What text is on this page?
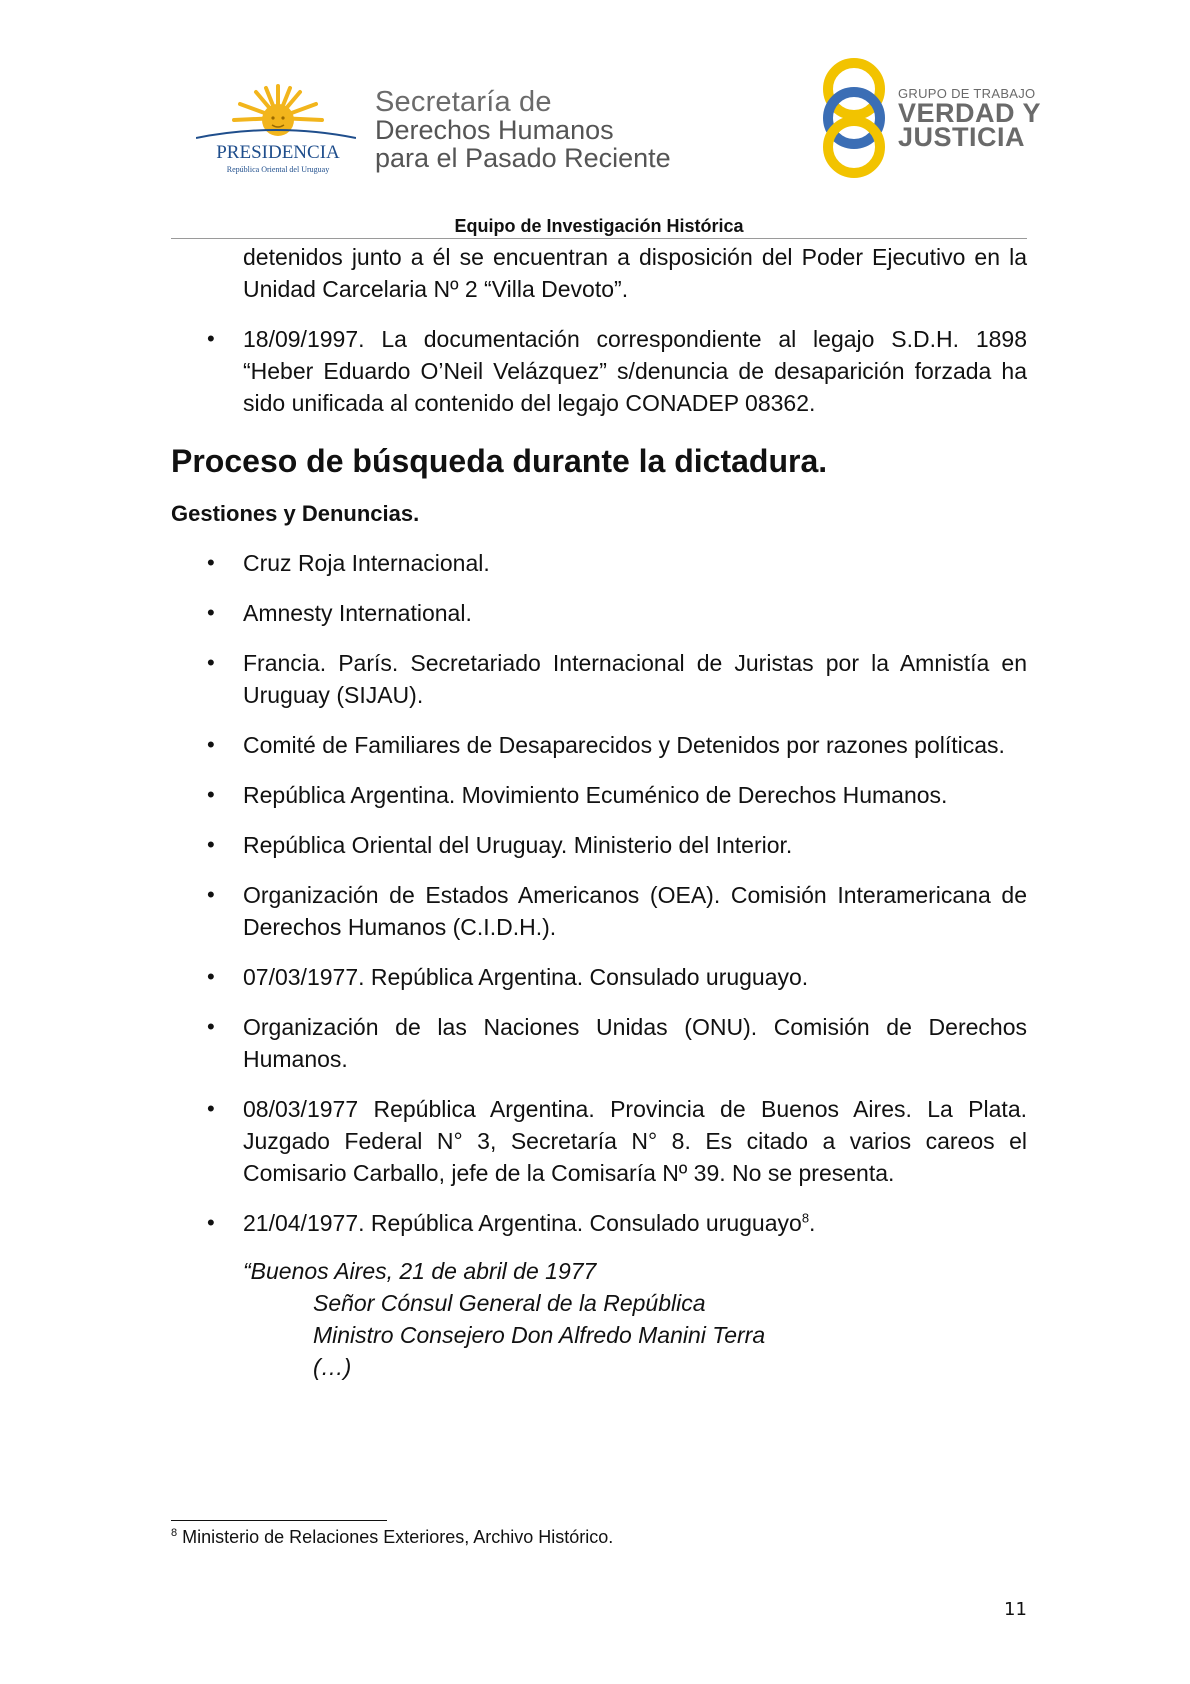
PRESIDENCIA
República Oriental del Uruguay
Secretaría de
Derechos Humanos
para el Pasado Reciente
GRUPO DE TRABAJO
VERDAD Y
JUSTICIA
Equipo de Investigación Histórica

detenidos junto a él se encuentran a disposición del Poder Ejecutivo en la Unidad Carcelaria Nº 2 “Villa Devoto”.

• 18/09/1997. La documentación correspondiente al legajo S.D.H. 1898 “Heber Eduardo O’Neil Velázquez” s/denuncia de desaparición forzada ha sido unificada al contenido del legajo CONADEP 08362.

Proceso de búsqueda durante la dictadura.
Gestiones y Denuncias.

• Cruz Roja Internacional.

• Amnesty International.

• Francia. París. Secretariado Internacional de Juristas por la Amnistía en Uruguay (SIJAU).

• Comité de Familiares de Desaparecidos y Detenidos por razones políticas.

• República Argentina. Movimiento Ecuménico de Derechos Humanos.

• República Oriental del Uruguay. Ministerio del Interior.

• Organización de Estados Americanos (OEA). Comisión Interamericana de Derechos Humanos (C.I.D.H.).

• 07/03/1977. República Argentina. Consulado uruguayo.

• Organización de las Naciones Unidas (ONU). Comisión de Derechos Humanos.

• 08/03/1977 República Argentina. Provincia de Buenos Aires. La Plata. Juzgado Federal N° 3, Secretaría N° 8. Es citado a varios careos el Comisario Carballo, jefe de la Comisaría Nº 39. No se presenta.

• 21/04/1977. República Argentina. Consulado uruguayo$^8$.

“Buenos Aires, 21 de abril de 1977
Señor Cónsul General de la República
Ministro Consejero Don Alfredo Manini Terra
(…)
$^8$ Ministerio de Relaciones Exteriores, Archivo Histórico.
11
